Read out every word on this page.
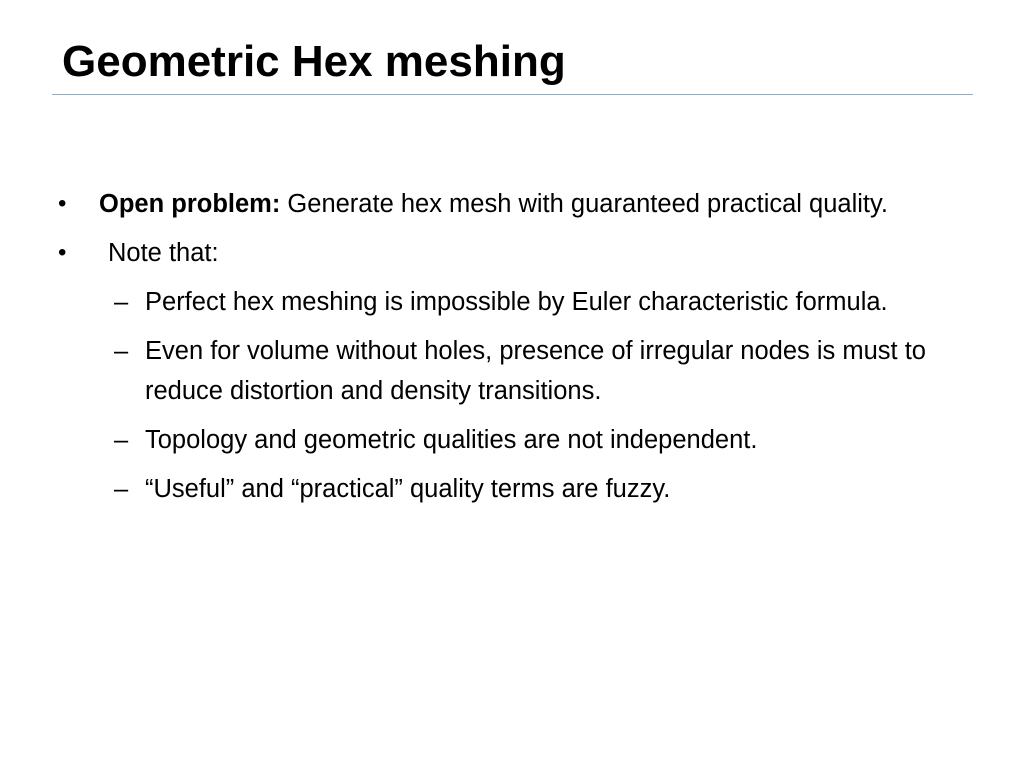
Geometric Hex meshing
• Open problem: Generate hex mesh with guaranteed practical quality.
• Note that:
– Perfect hex meshing is impossible by Euler characteristic formula.
– Even for volume without holes, presence of irregular nodes is must to reduce distortion and density transitions.
– Topology and geometric qualities are not independent.
– “Useful” and “practical” quality terms are fuzzy.
